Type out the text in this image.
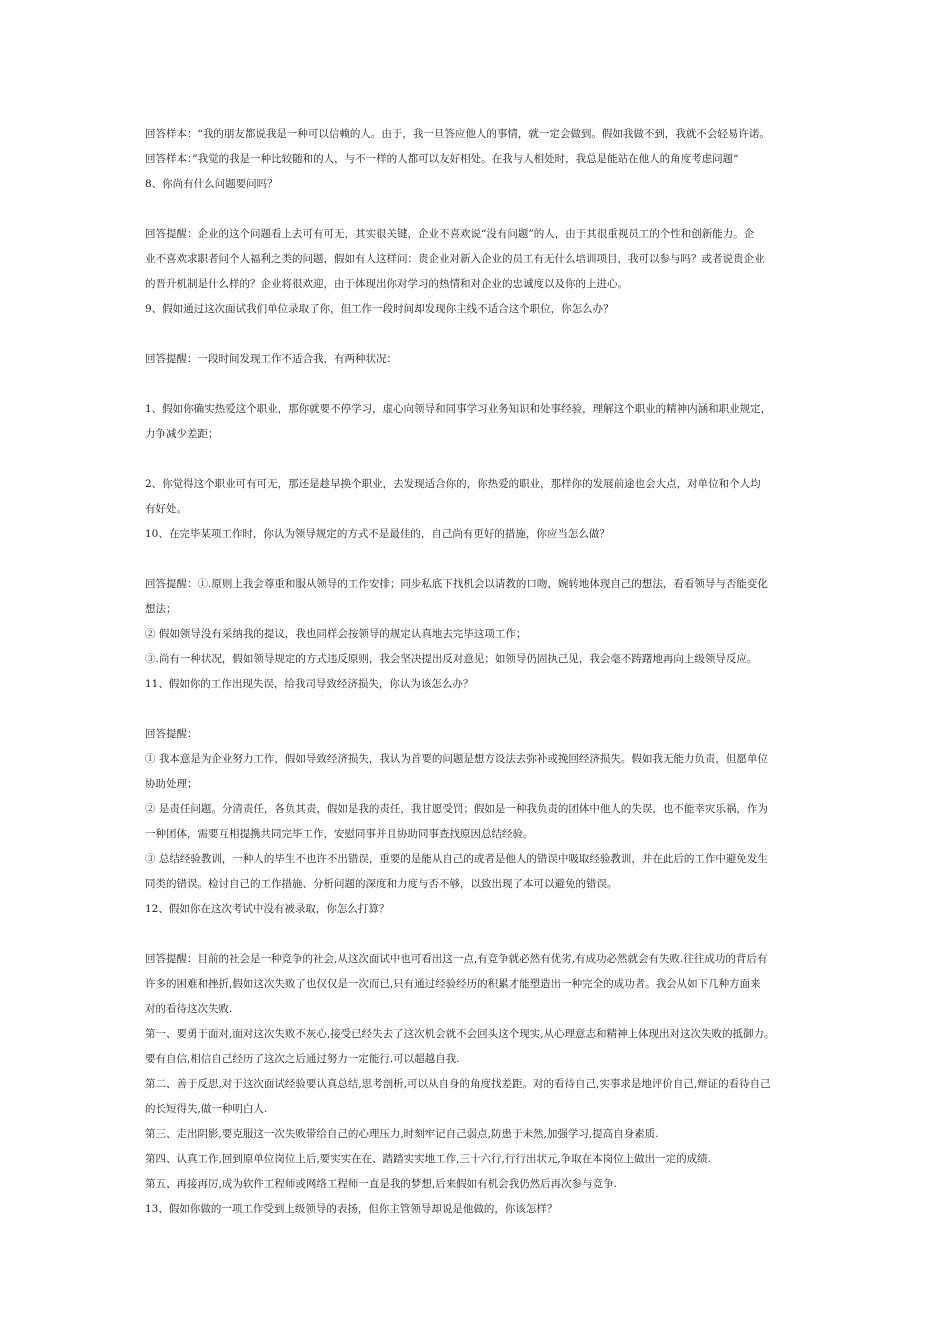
回答样本：“我的朋友都说我是一种可以信赖的人。由于，我一旦答应他人的事情，就一定会做到。假如我做不到，我就不会轻易许诺。
回答样本：”我觉的我是一种比较随和的人，与不一样的人都可以友好相处。在我与人相处时，我总是能站在他人的角度考虑问题“
8、你尚有什么问题要问吗？
回答提醒：企业的这个问题看上去可有可无，其实很关键，企业不喜欢说“没有问题”的人，由于其很重视员工的个性和创新能力。企
业不喜欢求职者问个人福利之类的问题，假如有人这样问：贵企业对新入企业的员工有无什么培训项目，我可以参与吗？或者说贵企业
的晋升机制是什么样的？企业将很欢迎，由于体现出你对学习的热情和对企业的忠诚度以及你的上进心。
9、假如通过这次面试我们单位录取了你，但工作一段时间却发现你主线不适合这个职位，你怎么办？
回答提醒：一段时间发现工作不适合我，有两种状况：
1、假如你确实热爱这个职业，那你就要不停学习，虚心向领导和同事学习业务知识和处事经验，理解这个职业的精神内涵和职业规定，
力争减少差距；
2、你觉得这个职业可有可无，那还是趁早换个职业，去发现适合你的，你热爱的职业，那样你的发展前途也会大点，对单位和个人均
有好处。
10、在完毕某项工作时，你认为领导规定的方式不是最佳的，自己尚有更好的措施，你应当怎么做？
回答提醒：①.原则上我会尊重和服从领导的工作安排；同步私底下找机会以请教的口吻，婉转地体现自己的想法，看看领导与否能变化
想法；
② 假如领导没有采纳我的提议，我也同样会按领导的规定认真地去完毕这项工作；
③.尚有一种状况，假如领导规定的方式违反原则，我会坚决提出反对意见；如领导仍固执己见，我会毫不踌躇地再向上级领导反应。
11、假如你的工作出现失误，给我司导致经济损失，你认为该怎么办？
回答提醒：
① 我本意是为企业努力工作，假如导致经济损失，我认为首要的问题是想方设法去弥补或挽回经济损失。假如我无能力负责，但愿单位
协助处理；
② 是责任问题。分清责任，各负其责，假如是我的责任，我甘愿受罚；假如是一种我负责的团体中他人的失误，也不能幸灾乐祸，作为
一种团体，需要互相提携共同完毕工作，安慰同事并且协助同事查找原因总结经验。
③ 总结经验教训，一种人的毕生不也许不出错误，重要的是能从自己的或者是他人的错误中吸取经验教训，并在此后的工作中避免发生
同类的错误。检讨自己的工作措施、分析问题的深度和力度与否不够，以致出现了本可以避免的错误。
12、假如你在这次考试中没有被录取，你怎么打算？
回答提醒：目前的社会是一种竞争的社会,从这次面试中也可看出这一点,有竞争就必然有优劣,有成功必然就会有失败.往往成功的背后有
许多的困难和挫折,假如这次失败了也仅仅是一次而已,只有通过经验经历的积累才能塑造出一种完全的成功者。我会从如下几种方面来
对的看待这次失败.
第一、要勇于面对,面对这次失败不灰心,接受已经失去了这次机会就不会回头这个现实,从心理意志和精神上体现出对这次失败的抵御力。
要有自信,相信自己经历了这次之后通过努力一定能行.可以超越自我.
第二、善于反思,对于这次面试经验要认真总结,思考剖析,可以从自身的角度找差距。对的看待自己,实事求是地评价自己,辩证的看待自己
的长短得失,做一种明白人.
第三、走出阴影,要克服这一次失败带给自己的心理压力,时刻牢记自己弱点,防患于未然,加强学习,提高自身素质.
第四、认真工作,回到原单位岗位上后,要实实在在、踏踏实实地工作,三十六行,行行出状元,争取在本岗位上做出一定的成绩.
第五、再接再厉,成为软件工程师或网络工程师一直是我的梦想,后来假如有机会我仍然后再次参与竞争.
13、假如你做的一项工作受到上级领导的表扬，但你主管领导却说是他做的，你该怎样？
